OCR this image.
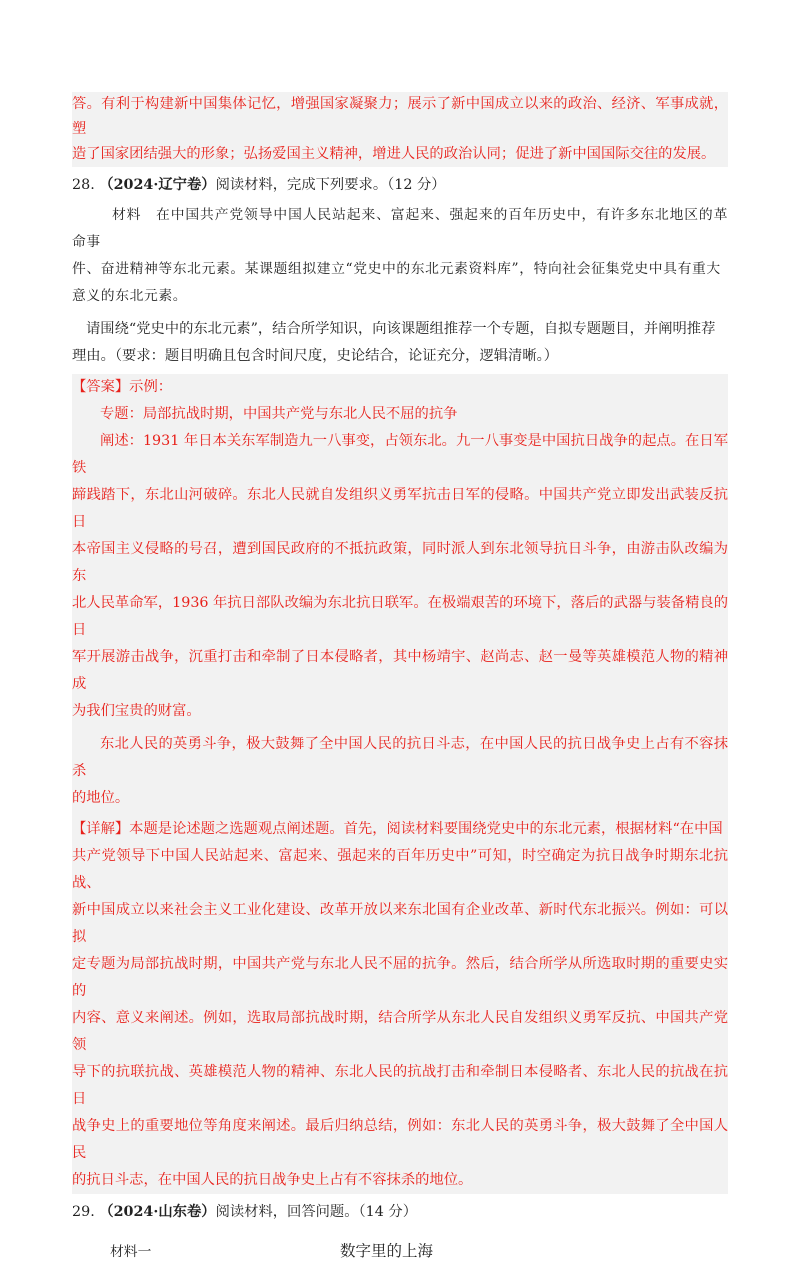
答。有利于构建新中国集体记忆，增强国家凝聚力；展示了新中国成立以来的政治、经济、军事成就，塑

造了国家团结强大的形象；弘扬爱国主义精神，增进人民的政治认同；促进了新中国国际交往的发展。

28. （2024·辽宁卷）阅读材料，完成下列要求。（12 分）

材料　在中国共产党领导中国人民站起来、富起来、强起来的百年历史中，有许多东北地区的革命事

件、奋进精神等东北元素。某课题组拟建立“党史中的东北元素资料库”，特向社会征集党史中具有重大

意义的东北元素。

请围绕“党史中的东北元素”，结合所学知识，向该课题组推荐一个专题，自拟专题题目，并阐明推荐

理由。（要求：题目明确且包含时间尺度，史论结合，论证充分，逻辑清晰。）

【答案】示例：

专题：局部抗战时期，中国共产党与东北人民不屈的抗争

阐述：1931 年日本关东军制造九一八事变，占领东北。九一八事变是中国抗日战争的起点。在日军铁

蹄践踏下，东北山河破碎。东北人民就自发组织义勇军抗击日军的侵略。中国共产党立即发出武装反抗日

本帝国主义侵略的号召，遭到国民政府的不抵抗政策，同时派人到东北领导抗日斗争，由游击队改编为东

北人民革命军，1936 年抗日部队改编为东北抗日联军。在极端艰苦的环境下，落后的武器与装备精良的日

军开展游击战争，沉重打击和牵制了日本侵略者，其中杨靖宇、赵尚志、赵一曼等英雄模范人物的精神成

为我们宝贵的财富。

东北人民的英勇斗争，极大鼓舞了全中国人民的抗日斗志，在中国人民的抗日战争史上占有不容抹杀

的地位。

【详解】本题是论述题之选题观点阐述题。首先，阅读材料要围绕党史中的东北元素，根据材料“在中国

共产党领导下中国人民站起来、富起来、强起来的百年历史中”可知，时空确定为抗日战争时期东北抗战、

新中国成立以来社会主义工业化建设、改革开放以来东北国有企业改革、新时代东北振兴。例如：可以拟

定专题为局部抗战时期，中国共产党与东北人民不屈的抗争。然后，结合所学从所选取时期的重要史实的

内容、意义来阐述。例如，选取局部抗战时期，结合所学从东北人民自发组织义勇军反抗、中国共产党领

导下的抗联抗战、英雄模范人物的精神、东北人民的抗战打击和牵制日本侵略者、东北人民的抗战在抗日

战争史上的重要地位等角度来阐述。最后归纳总结，例如：东北人民的英勇斗争，极大鼓舞了全中国人民

的抗日斗志，在中国人民的抗日战争史上占有不容抹杀的地位。

29. （2024·山东卷）阅读材料，回答问题。（14 分）
材料一	数字里的上海
